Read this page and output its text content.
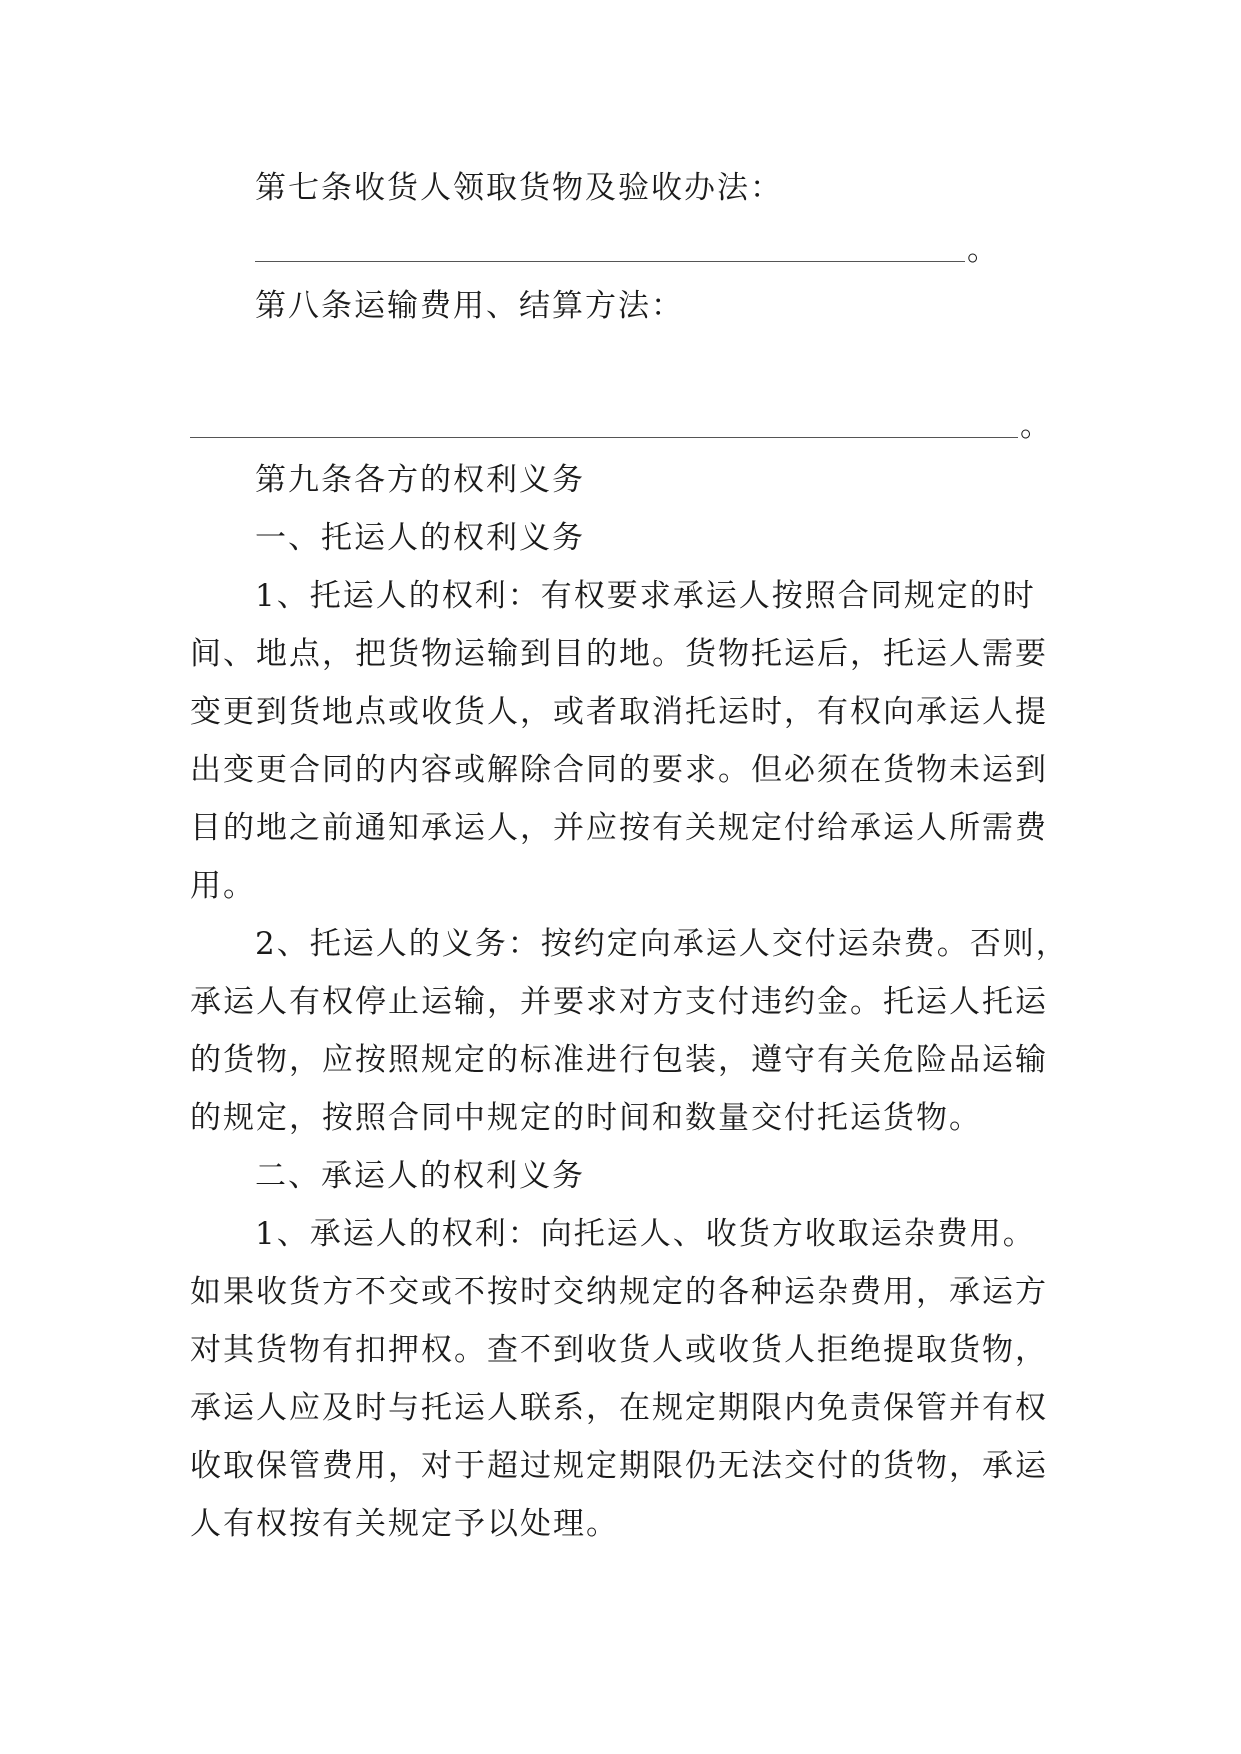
第七条收货人领取货物及验收办法：
。
第八条运输费用、结算方法：
。
第九条各方的权利义务
一、托运人的权利义务
1、托运人的权利：有权要求承运人按照合同规定的时
间、地点，把货物运输到目的地。货物托运后，托运人需要
变更到货地点或收货人，或者取消托运时，有权向承运人提
出变更合同的内容或解除合同的要求。但必须在货物未运到
目的地之前通知承运人，并应按有关规定付给承运人所需费
用。
2、托运人的义务：按约定向承运人交付运杂费。否则，
承运人有权停止运输，并要求对方支付违约金。托运人托运
的货物，应按照规定的标准进行包装，遵守有关危险品运输
的规定，按照合同中规定的时间和数量交付托运货物。
二、承运人的权利义务
1、承运人的权利：向托运人、收货方收取运杂费用。
如果收货方不交或不按时交纳规定的各种运杂费用，承运方
对其货物有扣押权。查不到收货人或收货人拒绝提取货物，
承运人应及时与托运人联系，在规定期限内免责保管并有权
收取保管费用，对于超过规定期限仍无法交付的货物，承运
人有权按有关规定予以处理。
